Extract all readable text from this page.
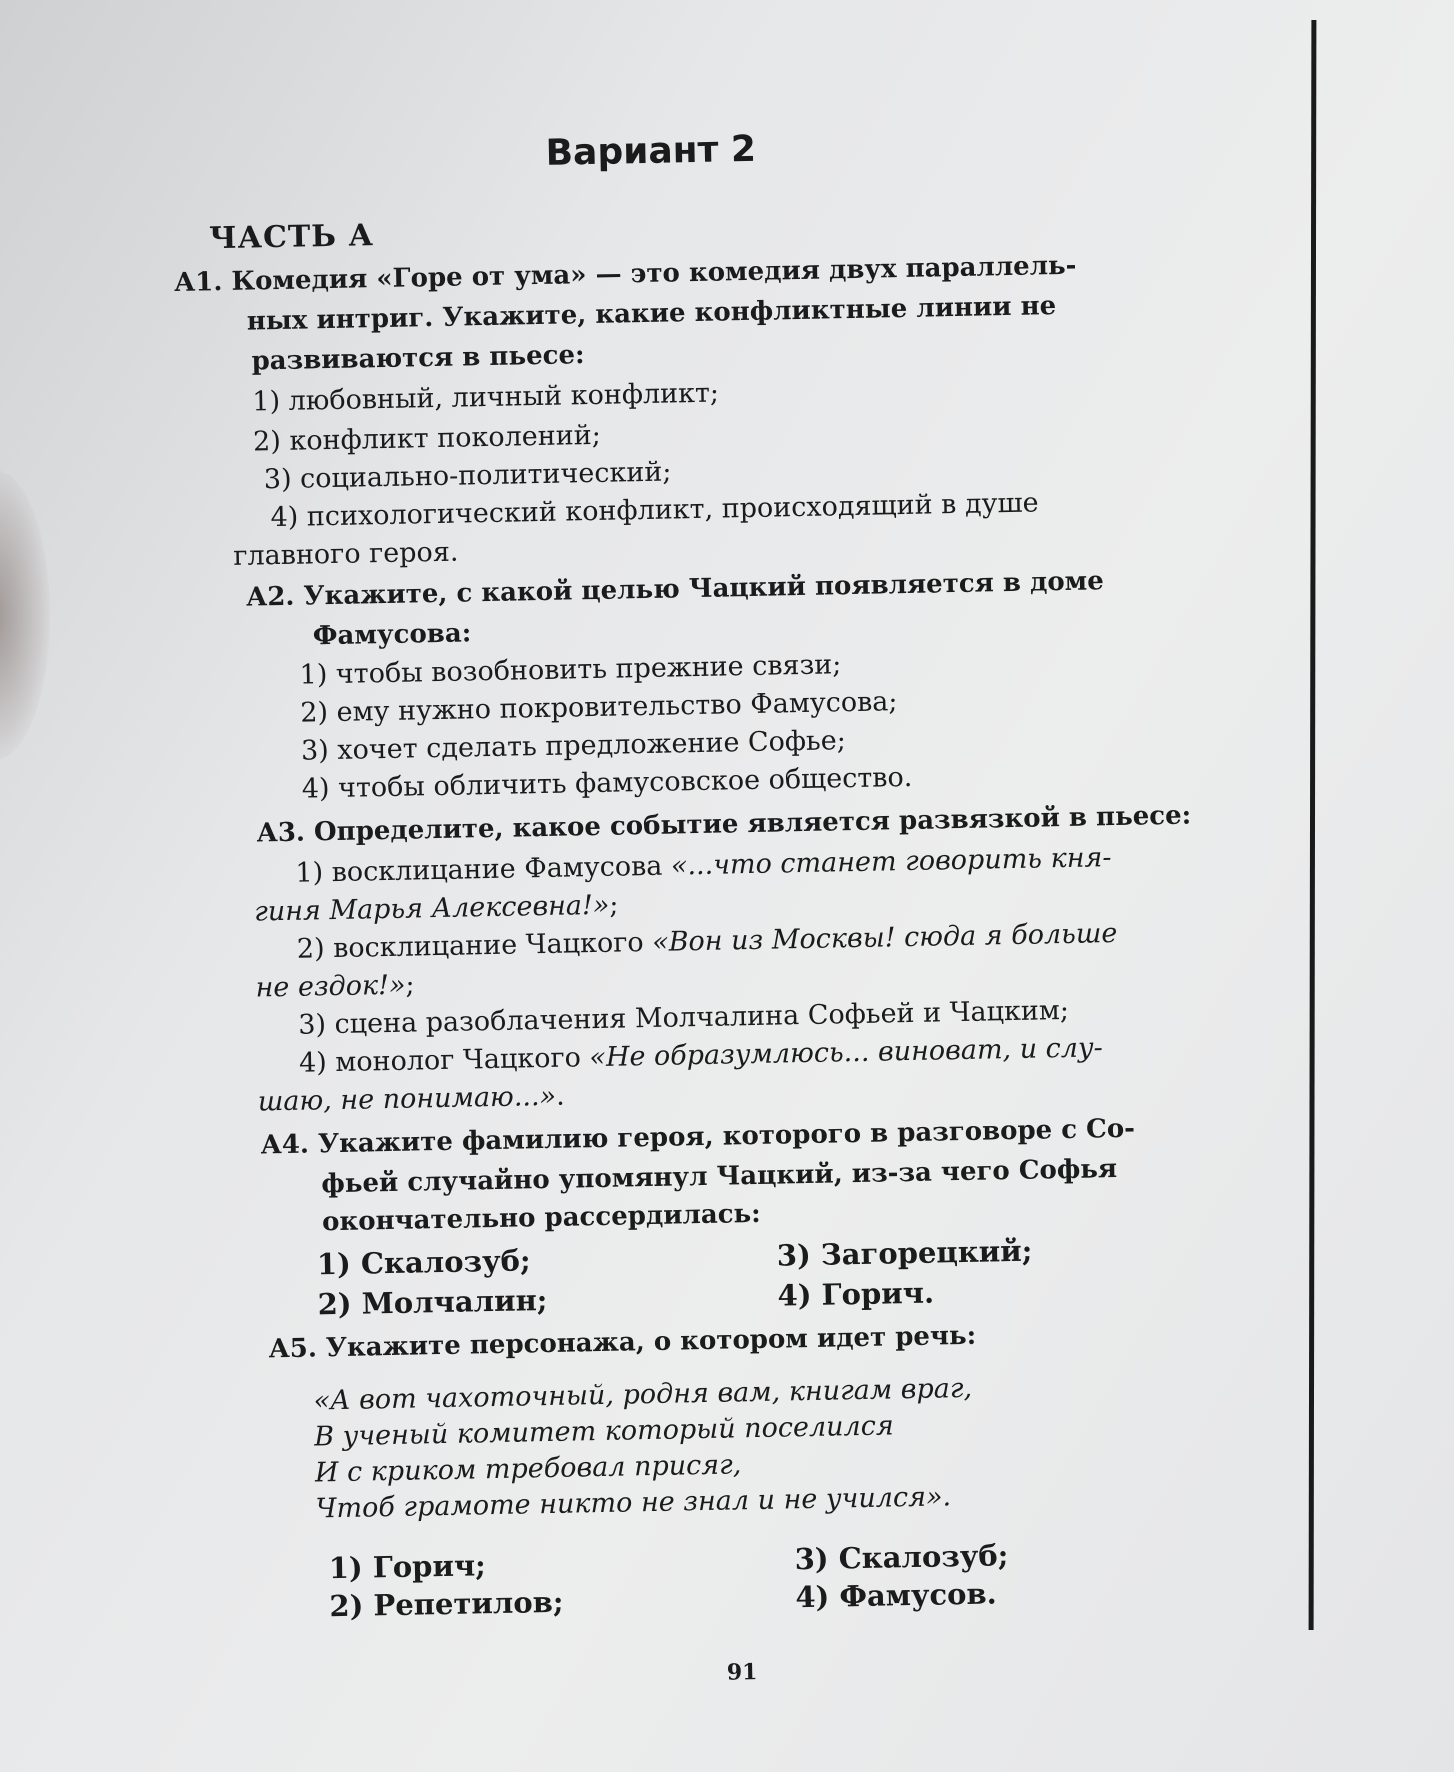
Вариант 2
ЧАСТЬ А
А1. Комедия «Горе от ума» — это комедия двух параллель-
ных интриг. Укажите, какие конфликтные линии не
развиваются в пьесе:
1) любовный, личный конфликт;
2) конфликт поколений;
3) социально-политический;
4) психологический конфликт, происходящий в душе
главного героя.
А2. Укажите, с какой целью Чацкий появляется в доме
Фамусова:
1) чтобы возобновить прежние связи;
2) ему нужно покровительство Фамусова;
3) хочет сделать предложение Софье;
4) чтобы обличить фамусовское общество.
А3. Определите, какое событие является развязкой в пьесе:
1) восклицание Фамусова «...что станет говорить кня-
гиня Марья Алексевна!»;
2) восклицание Чацкого «Вон из Москвы! сюда я больше
не ездок!»;
3) сцена разоблачения Молчалина Софьей и Чацким;
4) монолог Чацкого «Не образумлюсь... виноват, и слу-
шаю, не понимаю...».
А4. Укажите фамилию героя, которого в разговоре с Со-
фьей случайно упомянул Чацкий, из-за чего Софья
окончательно рассердилась:
1) Скалозуб;
2) Молчалин;
3) Загорецкий;
4) Горич.
А5. Укажите персонажа, о котором идет речь:
«А вот чахоточный, родня вам, книгам враг,
В ученый комитет который поселился
И с криком требовал присяг,
Чтоб грамоте никто не знал и не учился».
1) Горич;
2) Репетилов;
3) Скалозуб;
4) Фамусов.
91
